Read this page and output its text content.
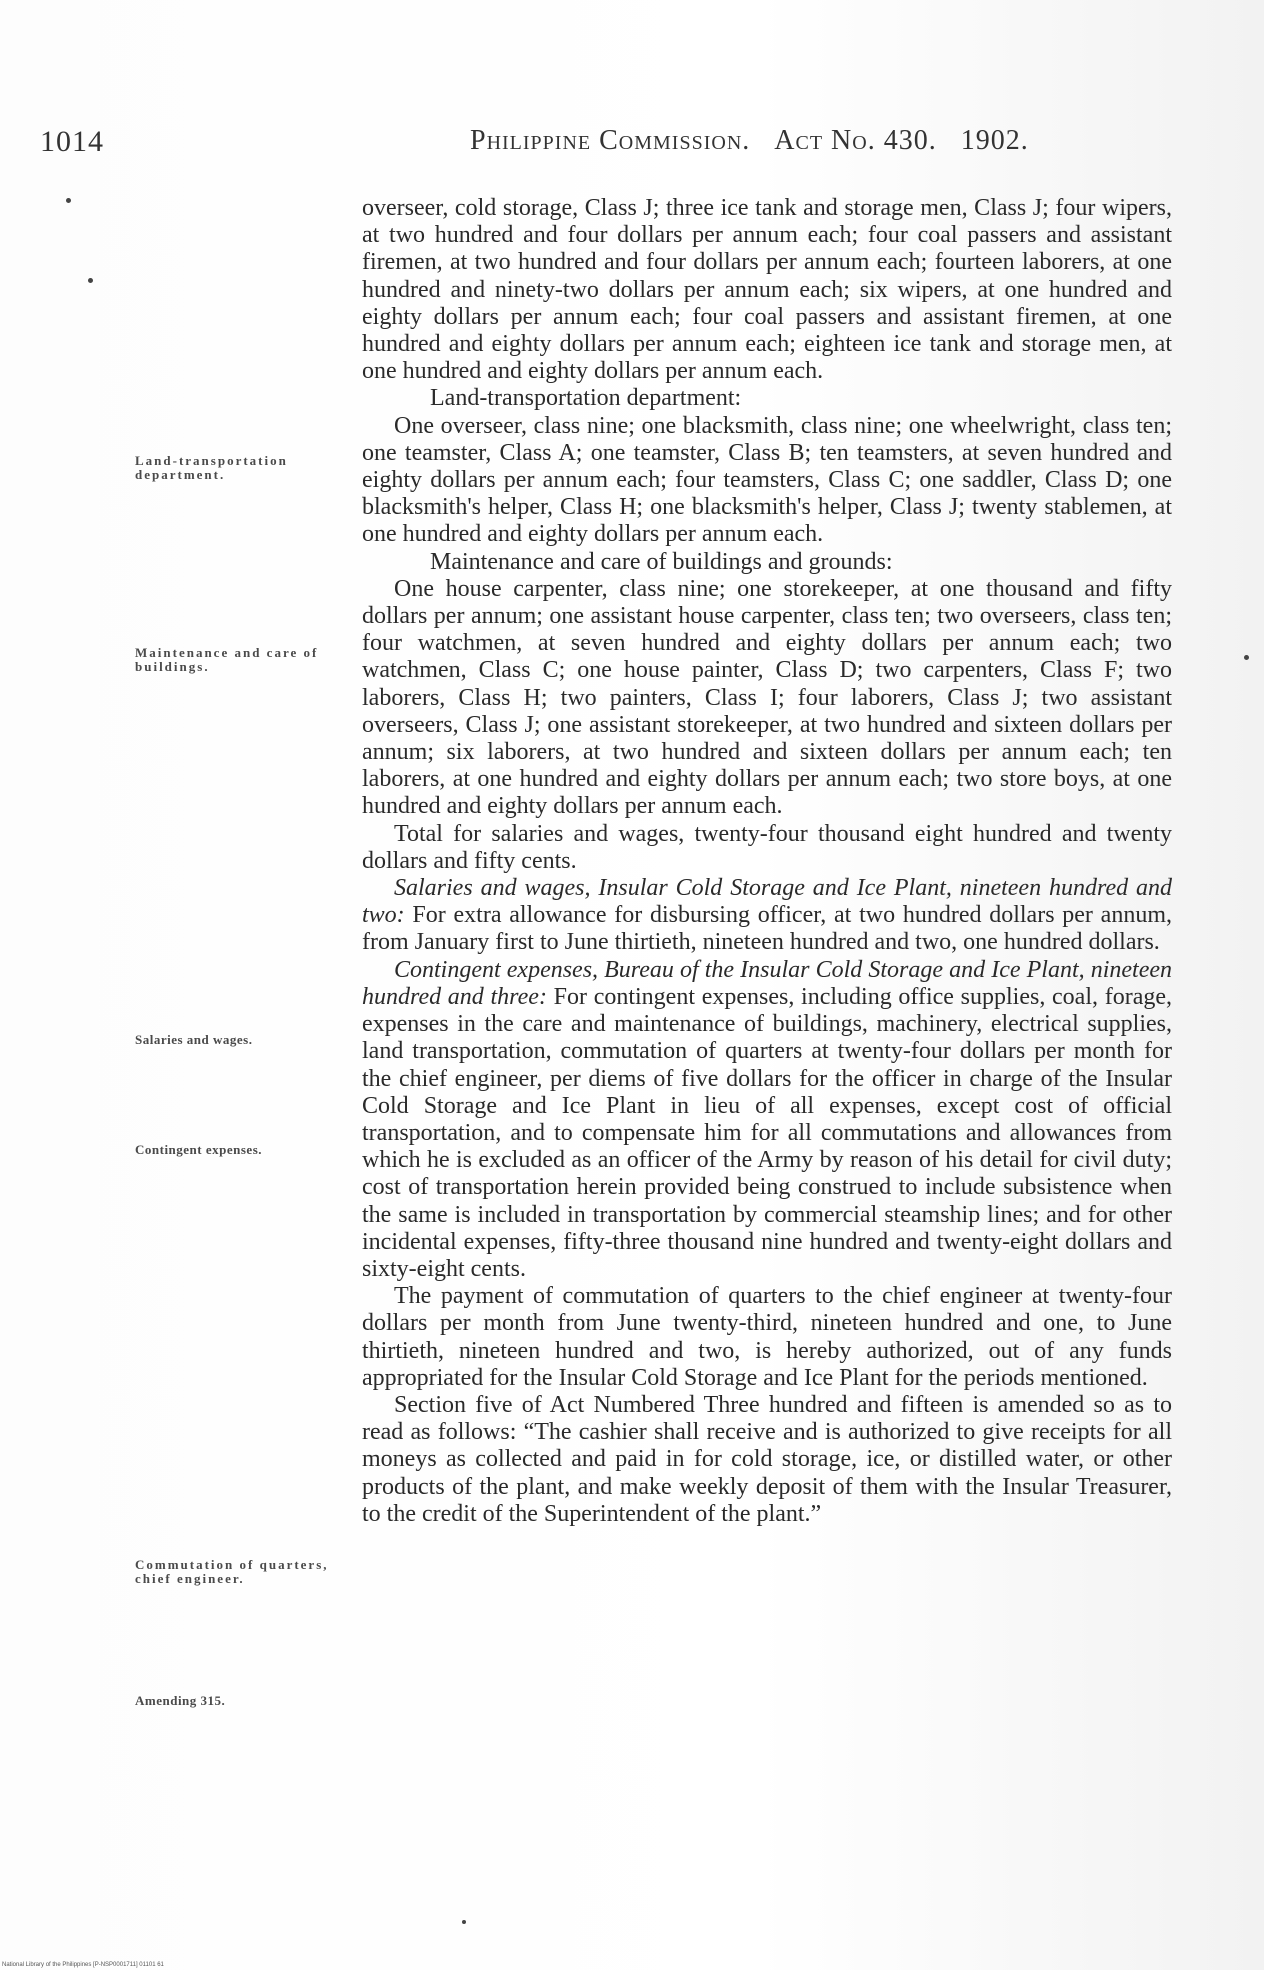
1014	Philippine Commission. Act No. 430. 1902.
Land-transportation department.
Maintenance and care of buildings.
Salaries and wages.
Contingent expenses.
Commutation of quarters, chief engineer.
Amending 315.

overseer, cold storage, Class J; three ice tank and storage men, Class J; four wipers, at two hundred and four dollars per annum each; four coal passers and assistant firemen, at two hundred and four dollars per annum each; fourteen laborers, at one hundred and ninety-two dollars per annum each; six wipers, at one hundred and eighty dollars per annum each; four coal passers and assistant firemen, at one hundred and eighty dollars per annum each; eighteen ice tank and storage men, at one hundred and eighty dollars per annum each.

Land-transportation department:

One overseer, class nine; one blacksmith, class nine; one wheelwright, class ten; one teamster, Class A; one teamster, Class B; ten teamsters, at seven hundred and eighty dollars per annum each; four teamsters, Class C; one saddler, Class D; one blacksmith's helper, Class H; one blacksmith's helper, Class J; twenty stablemen, at one hundred and eighty dollars per annum each.

Maintenance and care of buildings and grounds:

One house carpenter, class nine; one storekeeper, at one thousand and fifty dollars per annum; one assistant house carpenter, class ten; two overseers, class ten; four watchmen, at seven hundred and eighty dollars per annum each; two watchmen, Class C; one house painter, Class D; two carpenters, Class F; two laborers, Class H; two painters, Class I; four laborers, Class J; two assistant overseers, Class J; one assistant storekeeper, at two hundred and sixteen dollars per annum; six laborers, at two hundred and sixteen dollars per annum each; ten laborers, at one hundred and eighty dollars per annum each; two store boys, at one hundred and eighty dollars per annum each.

Total for salaries and wages, twenty-four thousand eight hundred and twenty dollars and fifty cents.

Salaries and wages, Insular Cold Storage and Ice Plant, nineteen hundred and two: For extra allowance for disbursing officer, at two hundred dollars per annum, from January first to June thirtieth, nineteen hundred and two, one hundred dollars.

Contingent expenses, Bureau of the Insular Cold Storage and Ice Plant, nineteen hundred and three: For contingent expenses, including office supplies, coal, forage, expenses in the care and maintenance of buildings, machinery, electrical supplies, land transportation, commutation of quarters at twenty-four dollars per month for the chief engineer, per diems of five dollars for the officer in charge of the Insular Cold Storage and Ice Plant in lieu of all expenses, except cost of official transportation, and to compensate him for all commutations and allowances from which he is excluded as an officer of the Army by reason of his detail for civil duty; cost of transportation herein provided being construed to include subsistence when the same is included in transportation by commercial steamship lines; and for other incidental expenses, fifty-three thousand nine hundred and twenty-eight dollars and sixty-eight cents.

The payment of commutation of quarters to the chief engineer at twenty-four dollars per month from June twenty-third, nineteen hundred and one, to June thirtieth, nineteen hundred and two, is hereby authorized, out of any funds appropriated for the Insular Cold Storage and Ice Plant for the periods mentioned.

Section five of Act Numbered Three hundred and fifteen is amended so as to read as follows: “The cashier shall receive and is authorized to give receipts for all moneys as collected and paid in for cold storage, ice, or distilled water, or other products of the plant, and make weekly deposit of them with the Insular Treasurer, to the credit of the Superintendent of the plant.”

National Library of the Philippines [P-NSP0001711] 01101 61
